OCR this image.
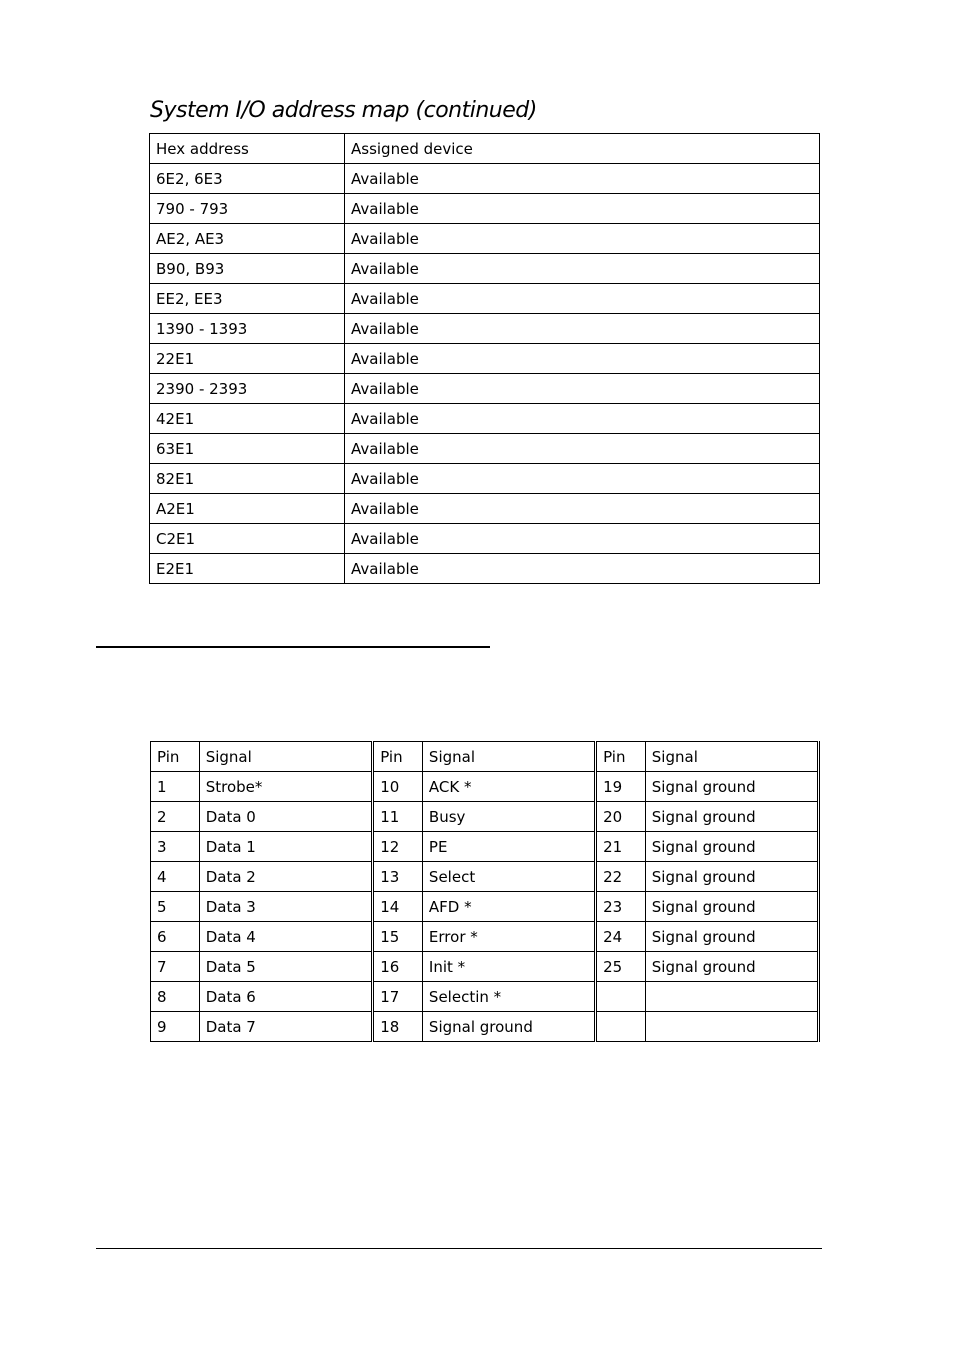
System I/O address map (continued)
Hex address	Assigned device
6E2, 6E3	Available
790 - 793	Available
AE2, AE3	Available
B90, B93	Available
EE2, EE3	Available
1390 - 1393	Available
22E1	Available
2390 - 2393	Available
42E1	Available
63E1	Available
82E1	Available
A2E1	Available
C2E1	Available
E2E1	Available
Pin	Signal	Pin	Signal	Pin	Signal
1	Strobe*	10	ACK *	19	Signal ground
2	Data 0	11	Busy	20	Signal ground
3	Data 1	12	PE	21	Signal ground
4	Data 2	13	Select	22	Signal ground
5	Data 3	14	AFD *	23	Signal ground
6	Data 4	15	Error *	24	Signal ground
7	Data 5	16	Init *	25	Signal ground
8	Data 6	17	Selectin *		
9	Data 7	18	Signal ground		
